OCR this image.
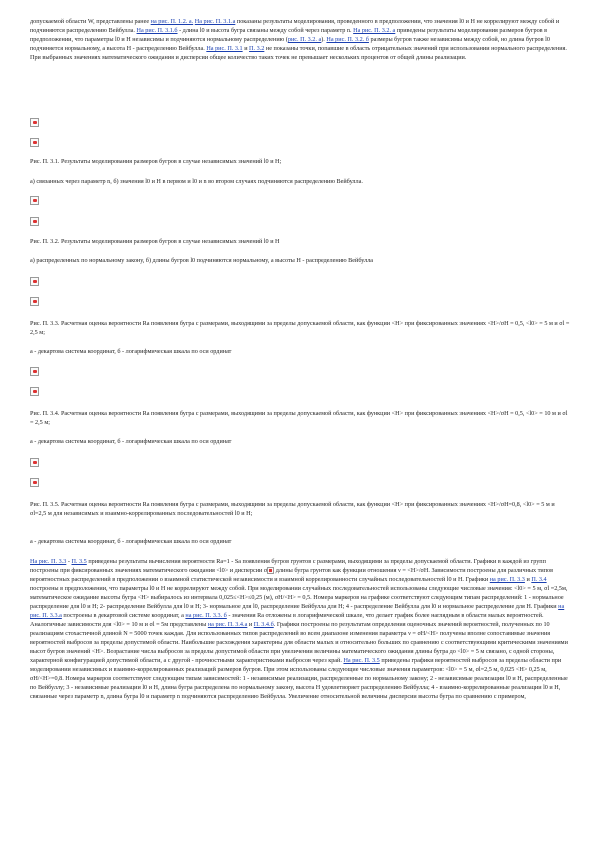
допускаемой области W, представлены ранее на рис. П. 1.2. а. На рис. П. 3.1.а показаны результаты моделирования, проведенного в предположении, что значения l0 и H не коррелируют между собой и подчиняются распределению Вейбулла. На рис. П. 3.1.б - длина l0 и высота бугра связаны между собой через параметр n. На рис. П. 3.2. а приведены результаты моделирования размеров бугров в предположении, что параметры l0 и H независимы и подчиняются нормальному распределению (рис. П. 3.2. а). На рис. П. 3.2. б размеры бугров также независимы между собой, но длина бугров l0 подчиняется нормальному, а высота H - распределению Вейбулла. На рис. П. 3.1 и П. 3.2 не показаны точки, попавшие в область отрицательных значений при использовании нормального распределения. При выбранных значениях математического ожидания и дисперсии общее количество таких точек не превышает нескольких процентов от общей длины реализации.

Рис. П. 3.1. Результаты моделирования размеров бугров в случае независимых значений l0 и H;

а) связанных через параметр n, б) значения l0 и H в первом и l0 и n во втором случаях подчиняются распределению Вейбулла.

Рис. П. 3.2. Результаты моделирования размеров бугров в случае независимых значений l0 и H

а) распределенных по нормальному закону, б) длины бугров l0 подчиняются нормальному, а высоты H - распределению Вейбулла

Рис. П. 3.3. Расчетная оценка вероятности Ra появления бугра с размерами, выходящими за пределы допускаемой области, как функции <H> при фиксированных значениях <H>/σH = 0,5, <l0> = 5 м и σl = 2,5 м;

а - декартова система координат, б - логарифмическая шкала по оси ординат

Рис. П. 3.4. Расчетная оценка вероятности Ra появления бугра с размерами, выходящими за пределы допускаемой области, как функции <H> при фиксированных значениях <H>/σH = 0,5, <l0> = 10 м и σl = 2,5 м;

а - декартова система координат, б - логарифмическая шкала по оси ординат

Рис. П. 3.5. Расчетная оценка вероятности Ra появления бугра с размерами, выходящими за пределы допускаемой области, как функции <H> при фиксированных значениях <H>/σH=0,8, <l0> = 5 м и σl=2,5 м для независимых и взаимно-коррелированных последовательностей l0 и H;

а - декартова система координат, б - логарифмическая шкала по оси ординат

На рис. П. 3.3 - П. 3.5 приведены результаты вычисления вероятности Ra=1 - Sa появления бугров грунтов с размерами, выходящими за пределы допускаемой области. Графики в каждой из групп построены при фиксированных значениях математического ожидания <l0> и дисперсии σ длины бугра грунтов как функции отношения ν = <H>/σH. Зависимости построены для различных типов вероятностных распределений в предположении о взаимной статистической независимости и взаимной коррелированности случайных последовательностей l0 и H. Графики на рис. П. 3.3 и П. 3.4 построены в предположении, что параметры l0 и H не коррелируют между собой. При моделировании случайных последовательностей использованы следующие числовые значения: <l0> = 5 м, σl =2,5м, математическое ожидание высоты бугра <H> выбиралось из интервала 0,025≤<H>≤0,25 (м), σH/<H> = 0,5. Номера маркеров на графике соответствуют следующим типам распределений: 1 - нормальное распределение для l0 и H; 2- распределение Вейбулла для l0 и H; 3- нормальное для l0, распределение Вейбулла для H; 4 - распределение Вейбулла для l0 и нормальное распределение для H. Графики на рис. П. 3.3.а построены в декартовой системе координат, а на рис. П. 3.3. б - значения Ra отложены в логарифмической шкале, что делает график более наглядным в области малых вероятностей. Аналогичные зависимости для <l0> = 10 м и σl = 5м представлены на рис. П. 3.4.а и П. 3.4.б. Графики построены по результатам определения оценочных значений вероятностей, полученных по 10 реализациям стохастичной длиной N = 5000 точек каждая. Для использованных типов распределений во всем диапазоне изменения параметра ν = σH/<H> получены вполне сопоставимые значения вероятностей выбросов за пределы допустимой области. Наибольшие расхождения характерны для области малых и относительно больших по сравнению с соответствующими критическими значениями высот бугров значений <H>. Возрастание числа выбросов за пределы допустимой области при увеличении величины математического ожидания длины бугра до <l0> = 5 м связано, с одной стороны, характерной конфигурацией допустимой области, а с другой - прочностными характеристиками выбросов через край. На рис. П. 3.5 приведены графики вероятностей выбросов за пределы области при моделировании независимых и взаимно-коррелированных реализаций размеров бугров. При этом использованы следующие числовые значения параметров: <l0> = 5 м, σl=2,5 м, 0,025 <H> 0,25 м, σH/<H>=0,8. Номера маркеров соответствуют следующим типам зависимостей: 1 - независимые реализации, распределенные по нормальному закону; 2 - независимые реализации l0 и H, распределенные по Вейбуллу; 3 - независимые реализации l0 и H, длина бугра распределена по нормальному закону, высота H удовлетворяет распределению Вейбулла; 4 - взаимно-коррелированные реализации l0 и H, связанные через параметр n, длина бугра l0 и параметр n подчиняются распределению Вейбулла. Увеличение относительной величины дисперсии высоты бугра по сравнению с примером,
